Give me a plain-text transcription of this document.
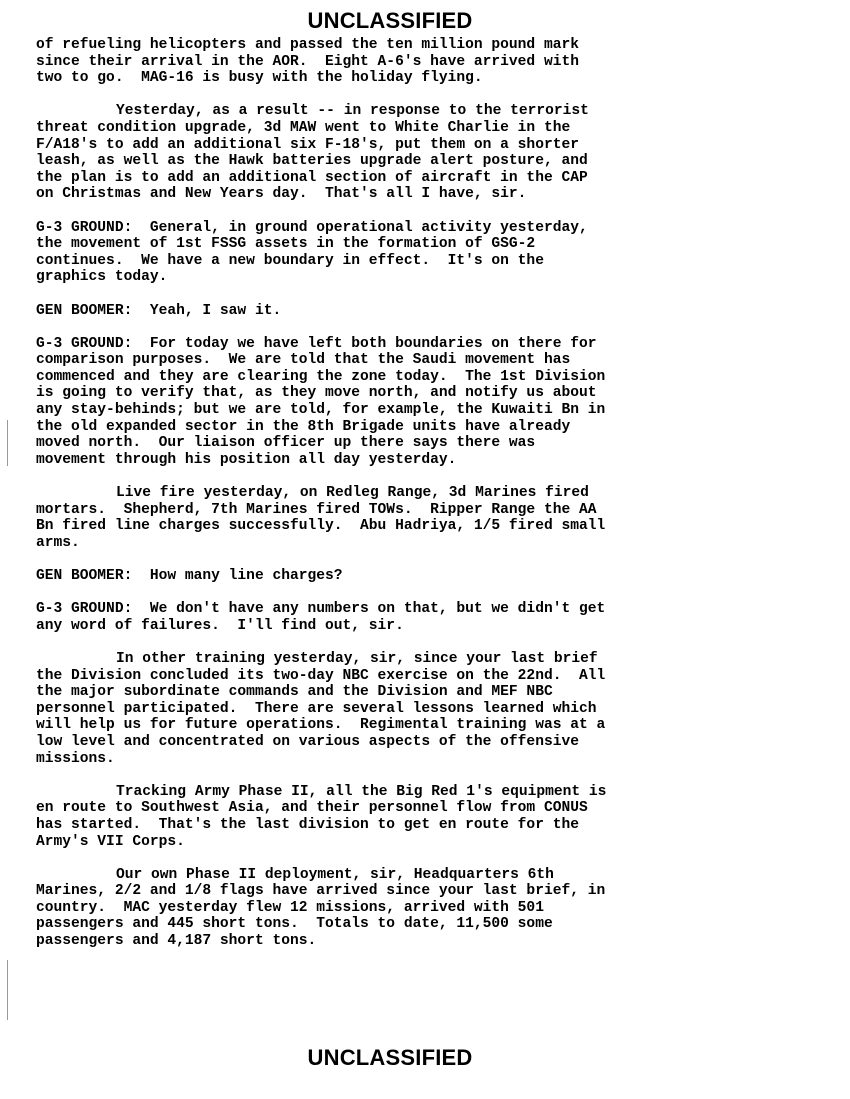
UNCLASSIFIED
of refueling helicopters and passed the ten million pound mark
since their arrival in the AOR.  Eight A-6's have arrived with
two to go.  MAG-16 is busy with the holiday flying.
Yesterday, as a result -- in response to the terrorist
threat condition upgrade, 3d MAW went to White Charlie in the
F/A18's to add an additional six F-18's, put them on a shorter
leash, as well as the Hawk batteries upgrade alert posture, and
the plan is to add an additional section of aircraft in the CAP
on Christmas and New Years day.  That's all I have, sir.
G-3 GROUND:  General, in ground operational activity yesterday,
the movement of 1st FSSG assets in the formation of GSG-2
continues.  We have a new boundary in effect.  It's on the
graphics today.
GEN BOOMER:  Yeah, I saw it.
G-3 GROUND:  For today we have left both boundaries on there for
comparison purposes.  We are told that the Saudi movement has
commenced and they are clearing the zone today.  The 1st Division
is going to verify that, as they move north, and notify us about
any stay-behinds; but we are told, for example, the Kuwaiti Bn in
the old expanded sector in the 8th Brigade units have already
moved north.  Our liaison officer up there says there was
movement through his position all day yesterday.
Live fire yesterday, on Redleg Range, 3d Marines fired
mortars.  Shepherd, 7th Marines fired TOWs.  Ripper Range the AA
Bn fired line charges successfully.  Abu Hadriya, 1/5 fired small
arms.
GEN BOOMER:  How many line charges?
G-3 GROUND:  We don't have any numbers on that, but we didn't get
any word of failures.  I'll find out, sir.
In other training yesterday, sir, since your last brief
the Division concluded its two-day NBC exercise on the 22nd.  All
the major subordinate commands and the Division and MEF NBC
personnel participated.  There are several lessons learned which
will help us for future operations.  Regimental training was at a
low level and concentrated on various aspects of the offensive
missions.
Tracking Army Phase II, all the Big Red 1's equipment is
en route to Southwest Asia, and their personnel flow from CONUS
has started.  That's the last division to get en route for the
Army's VII Corps.
Our own Phase II deployment, sir, Headquarters 6th
Marines, 2/2 and 1/8 flags have arrived since your last brief, in
country.  MAC yesterday flew 12 missions, arrived with 501
passengers and 445 short tons.  Totals to date, 11,500 some
passengers and 4,187 short tons.
UNCLASSIFIED
